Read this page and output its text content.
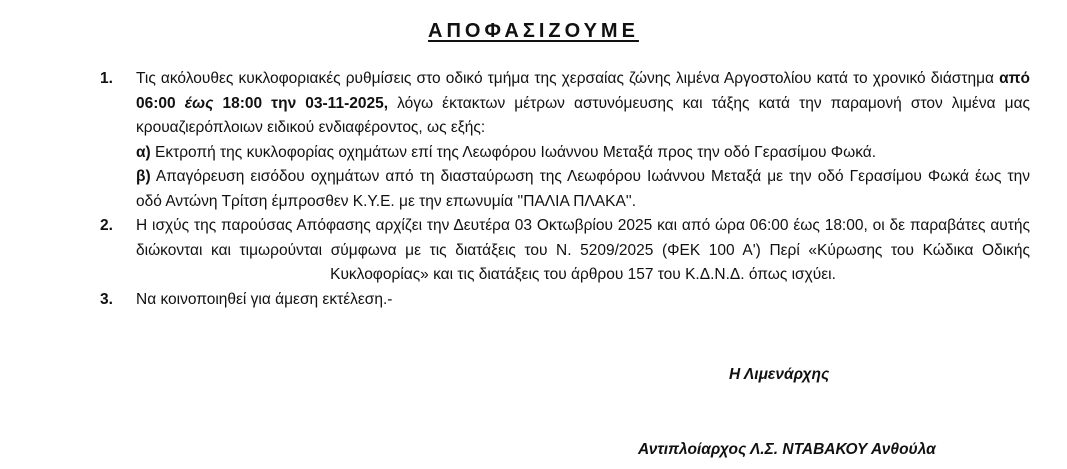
ΑΠΟΦΑΣΙΖΟΥΜΕ
1. Τις ακόλουθες κυκλοφοριακές ρυθμίσεις στο οδικό τμήμα της χερσαίας ζώνης λιμένα Αργοστολίου κατά το χρονικό διάστημα από 06:00 έως 18:00 την 03-11-2025, λόγω έκτακτων μέτρων αστυνόμευσης και τάξης κατά την παραμονή στον λιμένα μας κρουαζιερόπλοιων ειδικού ενδιαφέροντος, ως εξής:

α) Εκτροπή της κυκλοφορίας οχημάτων επί της Λεωφόρου Ιωάννου Μεταξά προς την οδό Γερασίμου Φωκά.

β) Απαγόρευση εισόδου οχημάτων από τη διασταύρωση της Λεωφόρου Ιωάννου Μεταξά με την οδό Γερασίμου Φωκά έως την οδό Αντώνη Τρίτση έμπροσθεν Κ.Υ.Ε. με την επωνυμία ''ΠΑΛΙΑ ΠΛΑΚΑ''.

2. Η ισχύς της παρούσας Απόφασης αρχίζει την Δευτέρα 03 Οκτωβρίου 2025 και από ώρα 06:00 έως 18:00, οι δε παραβάτες αυτής διώκονται και τιμωρούνται σύμφωνα με τις διατάξεις του Ν. 5209/2025 (ΦΕΚ 100 Α') Περί «Κύρωσης του Κώδικα Οδικής Κυκλοφορίας» και τις διατάξεις του άρθρου 157 του Κ.Δ.Ν.Δ. όπως ισχύει.

3. Να κοινοποιηθεί για άμεση εκτέλεση.-

Η Λιμενάρχης
Αντιπλοίαρχος Λ.Σ. ΝΤΑΒΑΚΟΥ Ανθούλα
